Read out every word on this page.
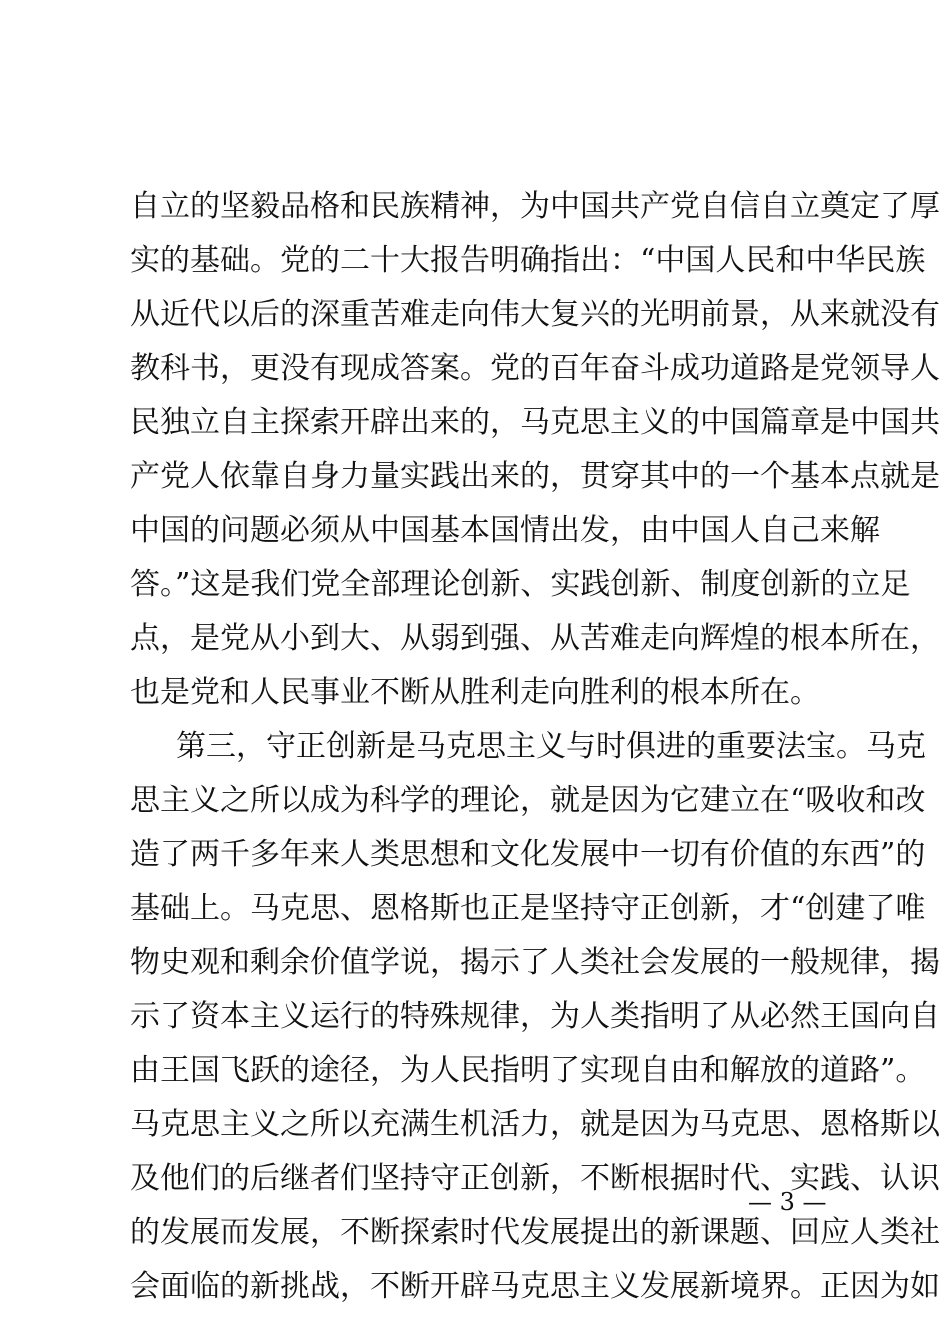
自立的坚毅品格和民族精神，为中国共产党自信自立奠定了厚
实的基础。党的二十大报告明确指出：“中国人民和中华民族
从近代以后的深重苦难走向伟大复兴的光明前景，从来就没有
教科书，更没有现成答案。党的百年奋斗成功道路是党领导人
民独立自主探索开辟出来的，马克思主义的中国篇章是中国共
产党人依靠自身力量实践出来的，贯穿其中的一个基本点就是
中国的问题必须从中国基本国情出发，由中国人自己来解
答。”这是我们党全部理论创新、实践创新、制度创新的立足
点，是党从小到大、从弱到强、从苦难走向辉煌的根本所在，
也是党和人民事业不断从胜利走向胜利的根本所在。
第三，守正创新是马克思主义与时俱进的重要法宝。马克
思主义之所以成为科学的理论，就是因为它建立在“吸收和改
造了两千多年来人类思想和文化发展中一切有价值的东西”的
基础上。马克思、恩格斯也正是坚持守正创新，才“创建了唯
物史观和剩余价值学说，揭示了人类社会发展的一般规律，揭
示了资本主义运行的特殊规律，为人类指明了从必然王国向自
由王国飞跃的途径，为人民指明了实现自由和解放的道路”。
马克思主义之所以充满生机活力，就是因为马克思、恩格斯以
及他们的后继者们坚持守正创新，不断根据时代、实践、认识
的发展而发展，不断探索时代发展提出的新课题、回应人类社
会面临的新挑战，不断开辟马克思主义发展新境界。正因为如
— 3 —
